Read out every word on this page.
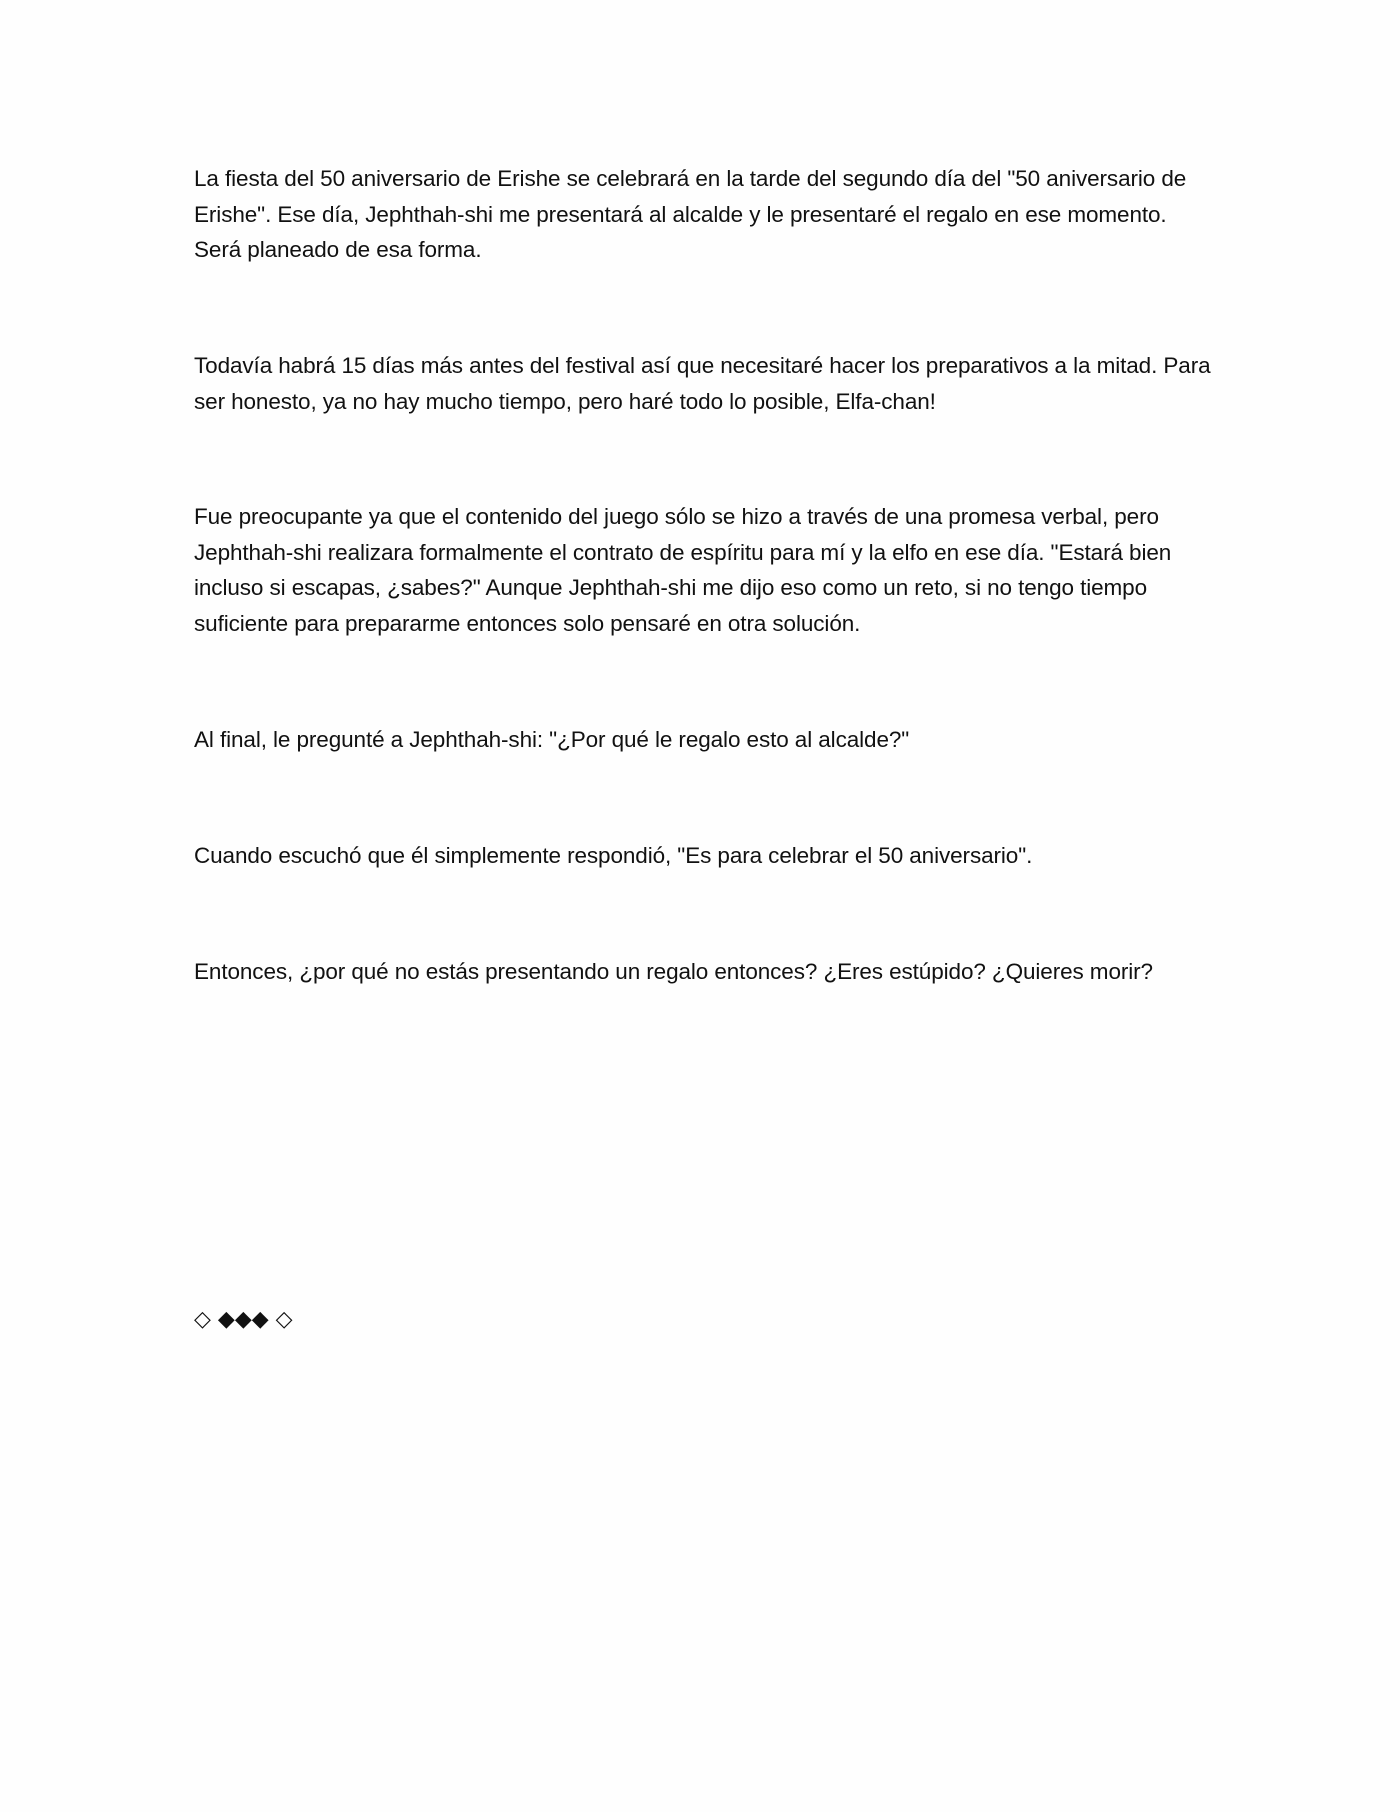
La fiesta del 50 aniversario de Erishe se celebrará en la tarde del segundo día del "50 aniversario de Erishe". Ese día, Jephthah-shi me presentará al alcalde y le presentaré el regalo en ese momento. Será planeado de esa forma.

Todavía habrá 15 días más antes del festival así que necesitaré hacer los preparativos a la mitad. Para ser honesto, ya no hay mucho tiempo, pero haré todo lo posible, Elfa-chan!

Fue preocupante ya que el contenido del juego sólo se hizo a través de una promesa verbal, pero Jephthah-shi realizara formalmente el contrato de espíritu para mí y la elfo en ese día. "Estará bien incluso si escapas, ¿sabes?" Aunque Jephthah-shi me dijo eso como un reto, si no tengo tiempo suficiente para prepararme entonces solo pensaré en otra solución.

Al final, le pregunté a Jephthah-shi: "¿Por qué le regalo esto al alcalde?"

Cuando escuchó que él simplemente respondió, "Es para celebrar el 50 aniversario".

Entonces, ¿por qué no estás presentando un regalo entonces? ¿Eres estúpido? ¿Quieres morir?

◇ ◆◆◆ ◇
